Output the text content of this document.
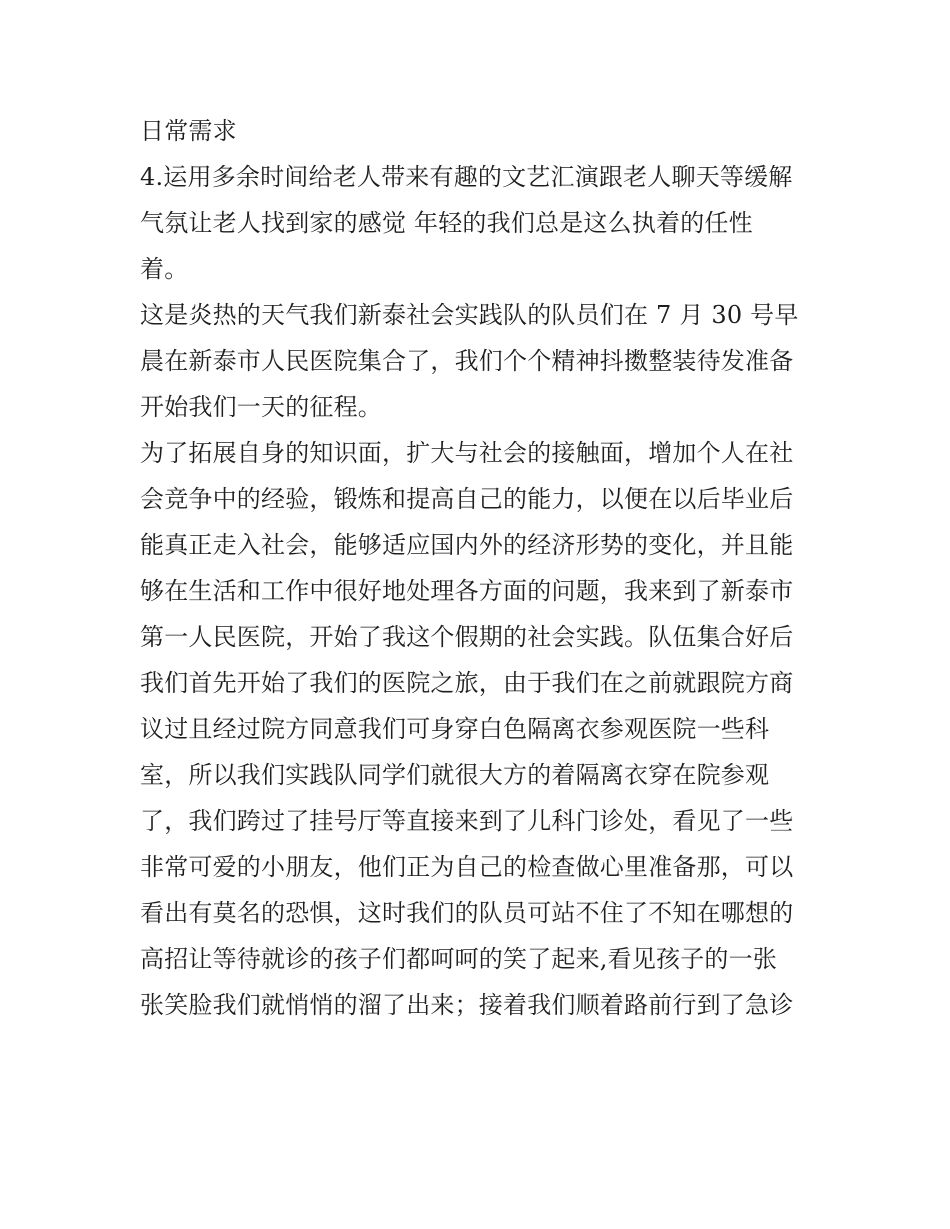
日常需求
4.运用多余时间给老人带来有趣的文艺汇演跟老人聊天等缓解
气氛让老人找到家的感觉 年轻的我们总是这么执着的任性
着。
这是炎热的天气我们新泰社会实践队的队员们在 7 月 30 号早
晨在新泰市人民医院集合了，我们个个精神抖擞整装待发准备
开始我们一天的征程。
为了拓展自身的知识面，扩大与社会的接触面，增加个人在社
会竞争中的经验，锻炼和提高自己的能力，以便在以后毕业后
能真正走入社会，能够适应国内外的经济形势的变化，并且能
够在生活和工作中很好地处理各方面的问题，我来到了新泰市
第一人民医院，开始了我这个假期的社会实践。队伍集合好后
我们首先开始了我们的医院之旅，由于我们在之前就跟院方商
议过且经过院方同意我们可身穿白色隔离衣参观医院一些科
室，所以我们实践队同学们就很大方的着隔离衣穿在院参观
了，我们跨过了挂号厅等直接来到了儿科门诊处，看见了一些
非常可爱的小朋友，他们正为自己的检查做心里准备那，可以
看出有莫名的恐惧，这时我们的队员可站不住了不知在哪想的
高招让等待就诊的孩子们都呵呵的笑了起来,看见孩子的一张
张笑脸我们就悄悄的溜了出来；接着我们顺着路前行到了急诊
